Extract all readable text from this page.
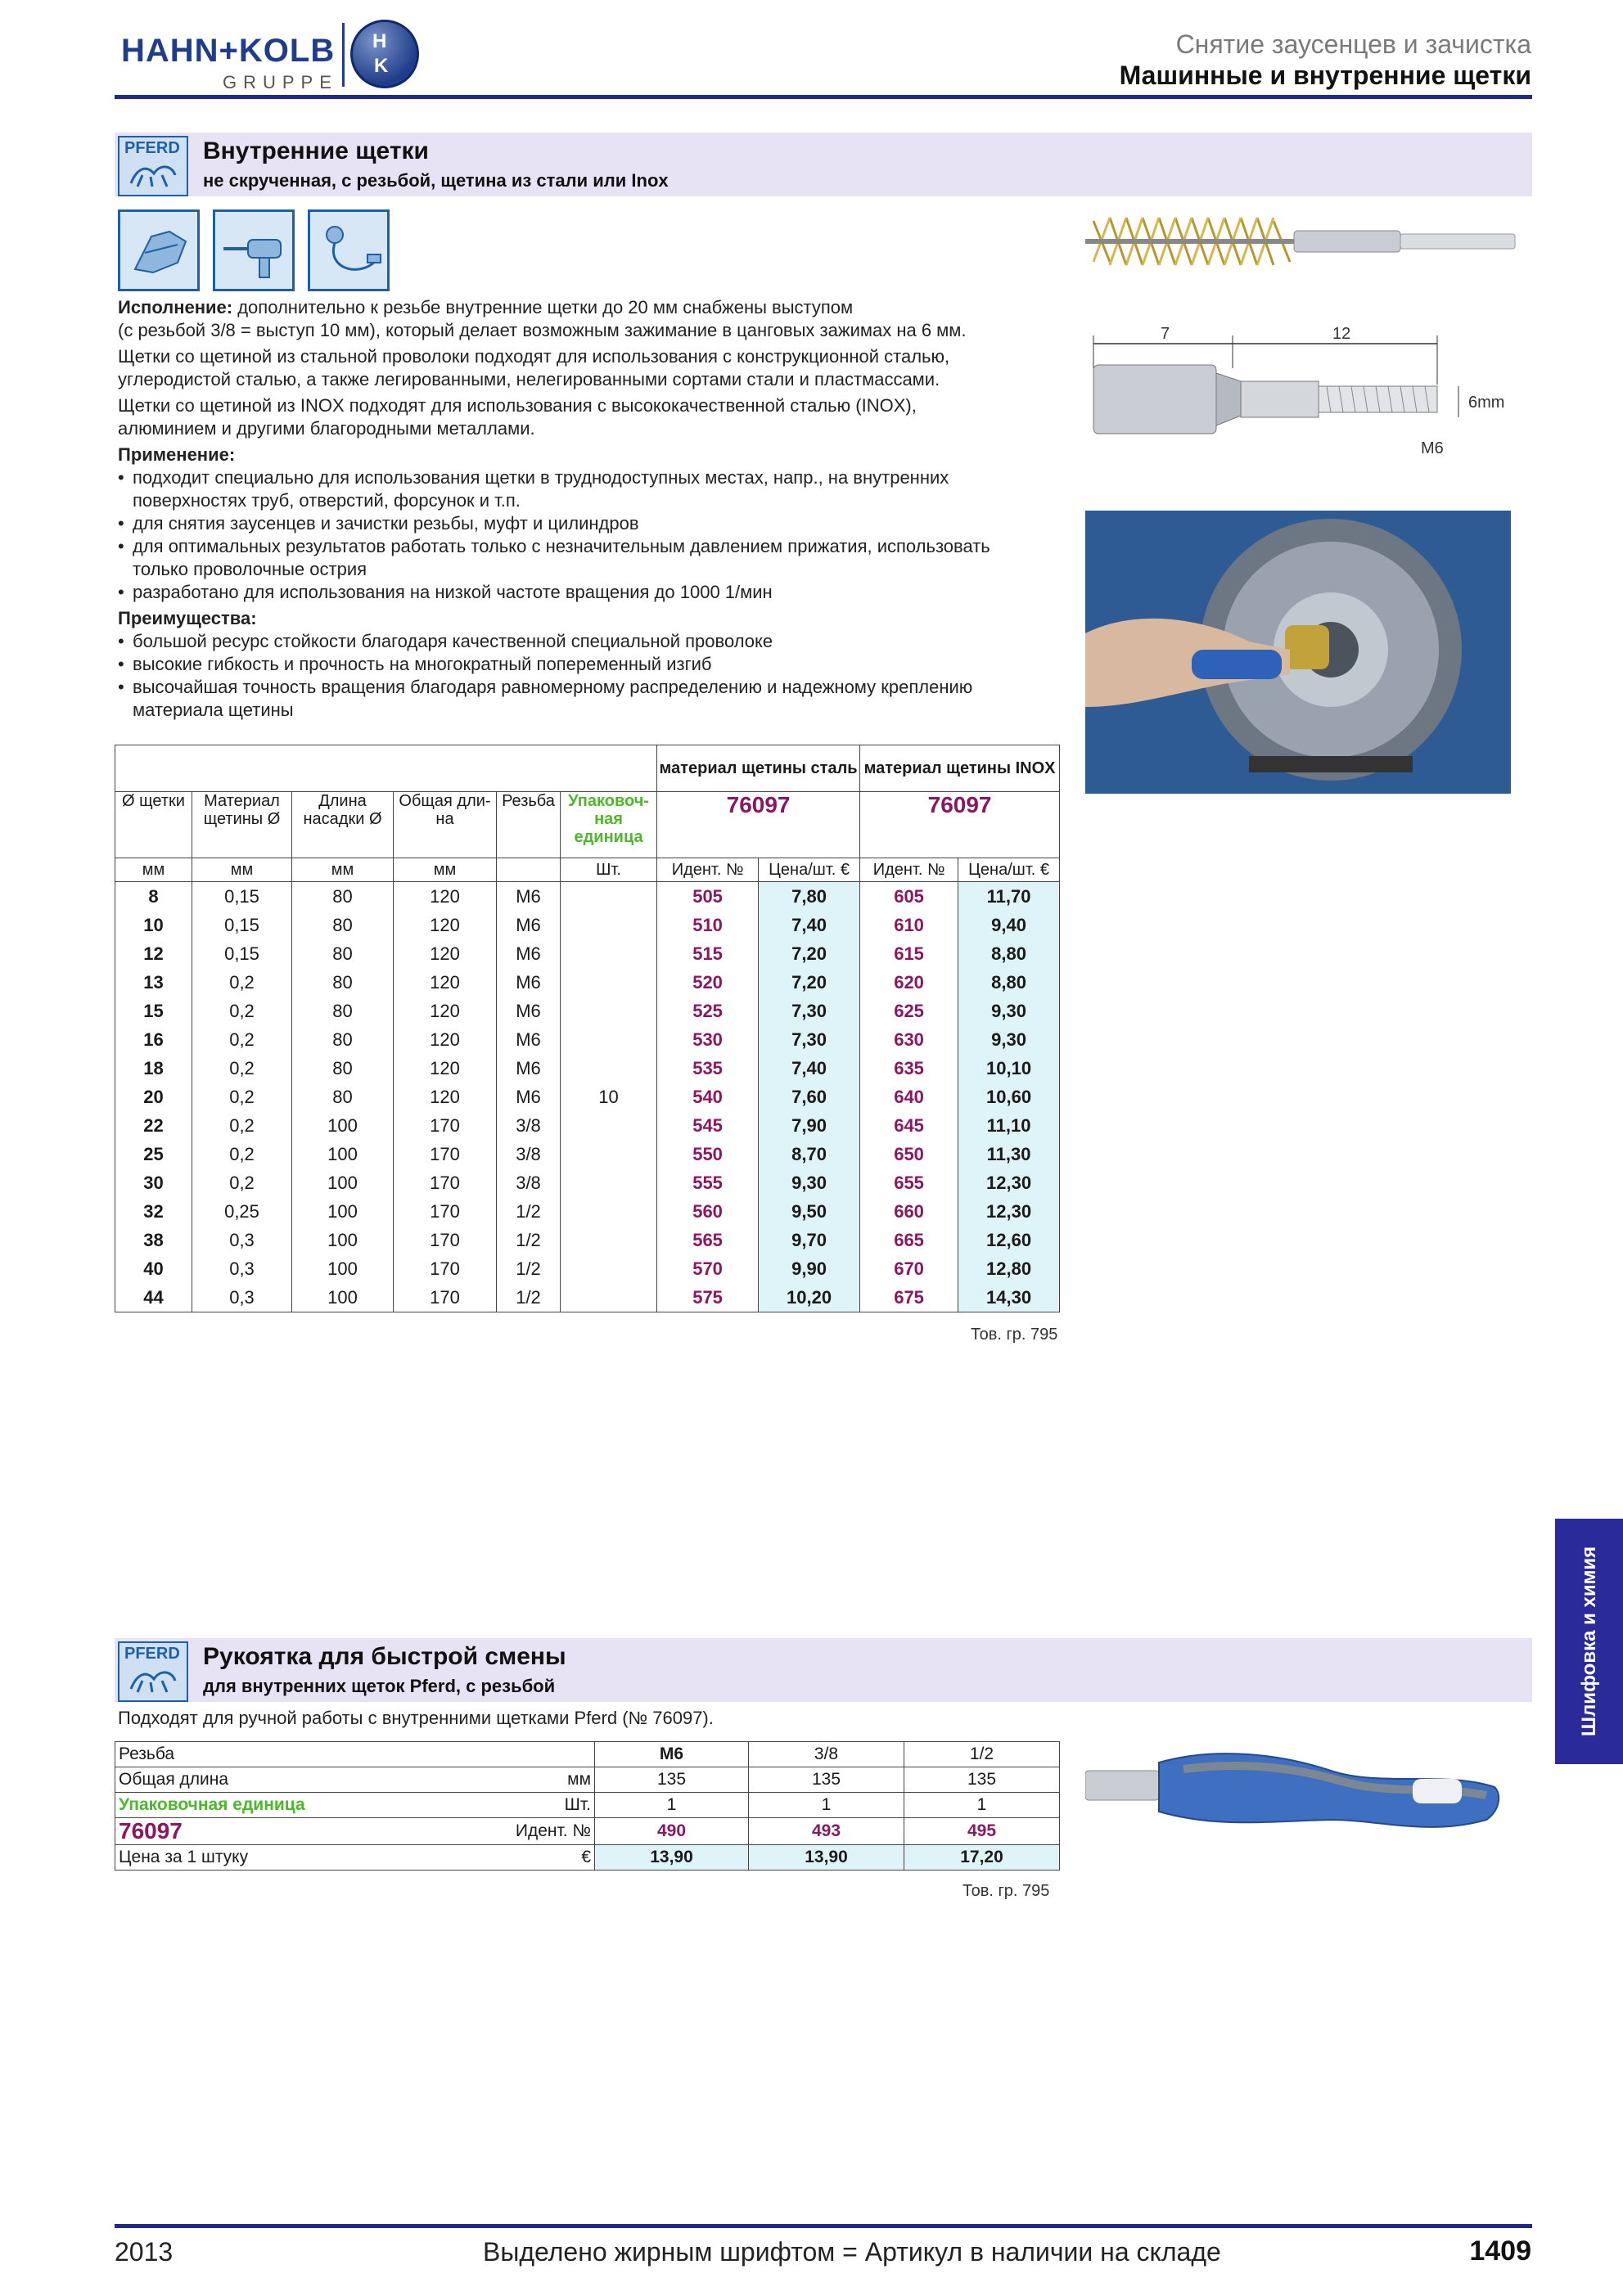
HAHN+KOLB
GRUPPE
H
K
Снятие заусенцев и зачистка
Машинные и внутренние щетки
PFERD Внутренние щетки
не скрученная, с резьбой, щетина из стали или Inox
Исполнение: дополнительно к резьбе внутренние щетки до 20 мм снабжены выступом
(с резьбой 3/8 = выступ 10 мм), который делает возможным зажимание в цанговых зажимах на 6 мм.
Щетки со щетиной из стальной проволоки подходят для использования с конструкционной сталью,
углеродистой сталью, а также легированными, нелегированными сортами стали и пластмассами.
Щетки со щетиной из INOX подходят для использования с высококачественной сталью (INOX),
алюминием и другими благородными металлами.
Применение:
• подходит специально для использования щетки в труднодоступных местах, напр., на внутренних
поверхностях труб, отверстий, форсунок и т.п.
• для снятия заусенцев и зачистки резьбы, муфт и цилиндров
• для оптимальных результатов работать только с незначительным давлением прижатия, использовать
только проволочные острия
• разработано для использования на низкой частоте вращения до 1000 1/мин
Преимущества:
• большой ресурс стойкости благодаря качественной специальной проволоке
• высокие гибкость и прочность на многократный попеременный изгиб
• высочайшая точность вращения благодаря равномерному распределению и надежному креплению
материала щетины
7	12
6mm
M6
						материал щетины сталь		материал щетины INOX	
Ø щетки	Материал щетины Ø	Длина насадки Ø	Общая дли-на	Резьба	Упаковоч-ная единица	76097		76097	
мм	мм	мм	мм		Шт.	Идент. №	Цена/шт. €	Идент. №	Цена/шт. €
8	0,15	80	120	M6		505	7,80	605	11,70
10	0,15	80	120	M6		510	7,40	610	9,40
12	0,15	80	120	M6		515	7,20	615	8,80
13	0,2	80	120	M6		520	7,20	620	8,80
15	0,2	80	120	M6		525	7,30	625	9,30
16	0,2	80	120	M6		530	7,30	630	9,30
18	0,2	80	120	M6		535	7,40	635	10,10
20	0,2	80	120	M6	10	540	7,60	640	10,60
22	0,2	100	170	3/8		545	7,90	645	11,10
25	0,2	100	170	3/8		550	8,70	650	11,30
30	0,2	100	170	3/8		555	9,30	655	12,30
32	0,25	100	170	1/2		560	9,50	660	12,30
38	0,3	100	170	1/2		565	9,70	665	12,60
40	0,3	100	170	1/2		570	9,90	670	12,80
44	0,3	100	170	1/2		575	10,20	675	14,30
Тов. гр. 795
PFERD Рукоятка для быстрой смены
для внутренних щеток Pferd, с резьбой
Подходят для ручной работы с внутренними щетками Pferd (№ 76097).
Резьба	M6	3/8	1/2
Общая длина мм	135	135	135
Упаковочная единица Шт.	1	1	1
76097 Идент. №	490	493	495
Цена за 1 штуку €	13,90	13,90	17,20
Тов. гр. 795
Шлифовка и химия
2013	Выделено жирным шрифтом = Артикул в наличии на складе	1409
